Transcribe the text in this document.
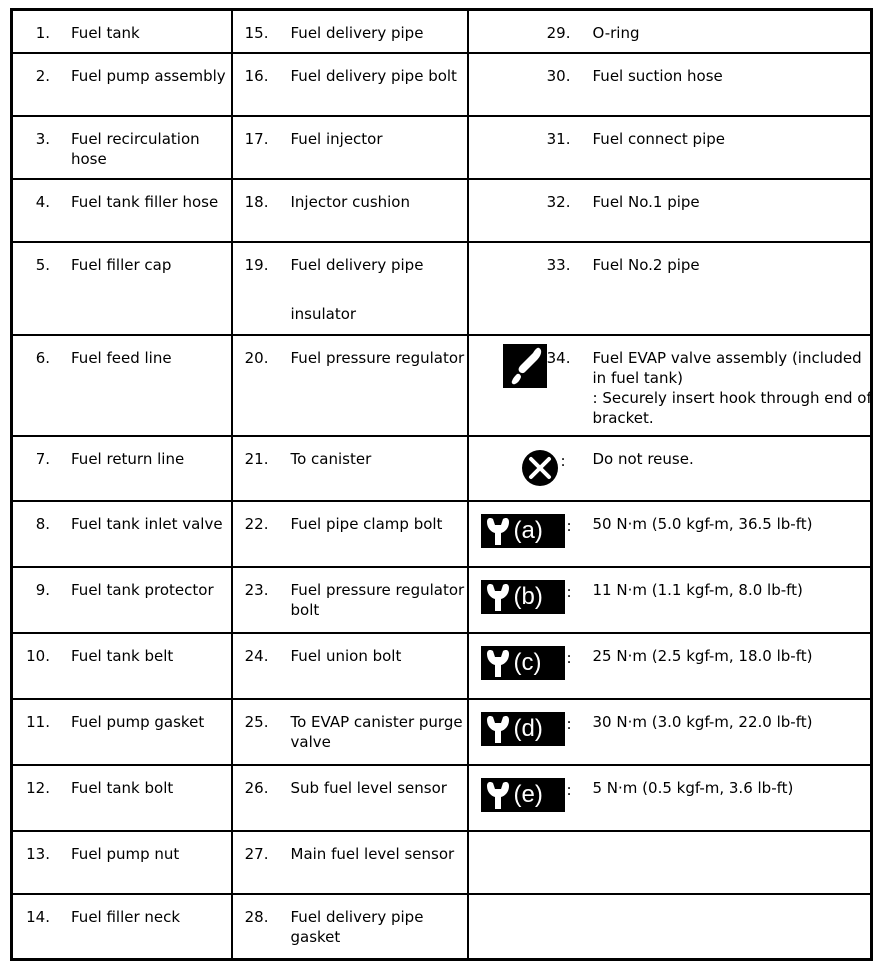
1. Fuel tank	15. Fuel delivery pipe	29. O-ring

2. Fuel pump assembly	16. Fuel delivery pipe bolt	30. Fuel suction hose

3. Fuel recirculation hose	17. Fuel injector	31. Fuel connect pipe

4. Fuel tank filler hose	18. Injector cushion	32. Fuel No.1 pipe

5. Fuel filler cap	19. Fuel delivery pipe
insulator	33. Fuel No.2 pipe

6. Fuel feed line	20. Fuel pressure regulator	34. Fuel EVAP valve assembly (included in fuel tank)
: Securely insert hook through end of bracket.

7. Fuel return line	21. To canister	: Do not reuse.

8. Fuel tank inlet valve	22. Fuel pipe clamp bolt	(a) : 50 N·m (5.0 kgf-m, 36.5 lb-ft)

9. Fuel tank protector	23. Fuel pressure regulator bolt	(b) : 11 N·m (1.1 kgf-m, 8.0 lb-ft)

10. Fuel tank belt	24. Fuel union bolt	(c) : 25 N·m (2.5 kgf-m, 18.0 lb-ft)

11. Fuel pump gasket	25. To EVAP canister purge valve	(d) : 30 N·m (3.0 kgf-m, 22.0 lb-ft)

12. Fuel tank bolt	26. Sub fuel level sensor	(e) : 5 N·m (0.5 kgf-m, 3.6 lb-ft)

13. Fuel pump nut	27. Main fuel level sensor	

14. Fuel filler neck	28. Fuel delivery pipe gasket	
